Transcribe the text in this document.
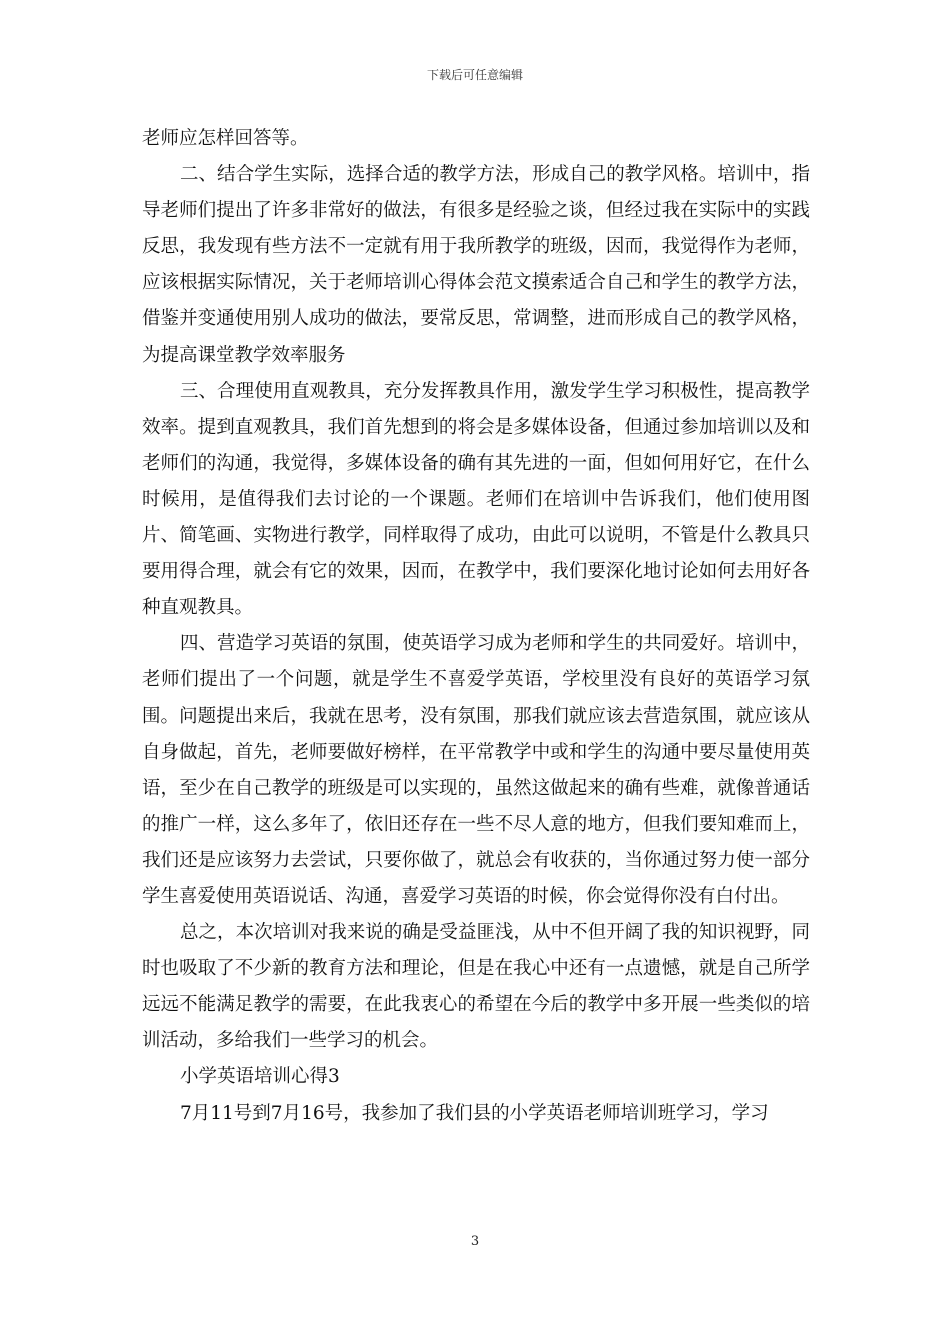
下载后可任意编辑

老师应怎样回答等。

二、结合学生实际，选择合适的教学方法，形成自己的教学风格。培训中，指导老师们提出了许多非常好的做法，有很多是经验之谈，但经过我在实际中的实践反思，我发现有些方法不一定就有用于我所教学的班级，因而，我觉得作为老师，应该根据实际情况，关于老师培训心得体会范文摸索适合自己和学生的教学方法，借鉴并变通使用别人成功的做法，要常反思，常调整，进而形成自己的教学风格，为提高课堂教学效率服务

三、合理使用直观教具，充分发挥教具作用，激发学生学习积极性，提高教学效率。提到直观教具，我们首先想到的将会是多媒体设备，但通过参加培训以及和老师们的沟通，我觉得，多媒体设备的确有其先进的一面，但如何用好它，在什么时候用，是值得我们去讨论的一个课题。老师们在培训中告诉我们，他们使用图片、简笔画、实物进行教学，同样取得了成功，由此可以说明，不管是什么教具只要用得合理，就会有它的效果，因而，在教学中，我们要深化地讨论如何去用好各种直观教具。

四、营造学习英语的氛围，使英语学习成为老师和学生的共同爱好。培训中，老师们提出了一个问题，就是学生不喜爱学英语，学校里没有良好的英语学习氛围。问题提出来后，我就在思考，没有氛围，那我们就应该去营造氛围，就应该从自身做起，首先，老师要做好榜样，在平常教学中或和学生的沟通中要尽量使用英语，至少在自己教学的班级是可以实现的，虽然这做起来的确有些难，就像普通话的推广一样，这么多年了，依旧还存在一些不尽人意的地方，但我们要知难而上，我们还是应该努力去尝试，只要你做了，就总会有收获的，当你通过努力使一部分学生喜爱使用英语说话、沟通，喜爱学习英语的时候，你会觉得你没有白付出。

总之，本次培训对我来说的确是受益匪浅，从中不但开阔了我的知识视野，同时也吸取了不少新的教育方法和理论，但是在我心中还有一点遗憾，就是自己所学远远不能满足教学的需要，在此我衷心的希望在今后的教学中多开展一些类似的培训活动，多给我们一些学习的机会。

小学英语培训心得3

7月11号到7月16号，我参加了我们县的小学英语老师培训班学习，学习

3
